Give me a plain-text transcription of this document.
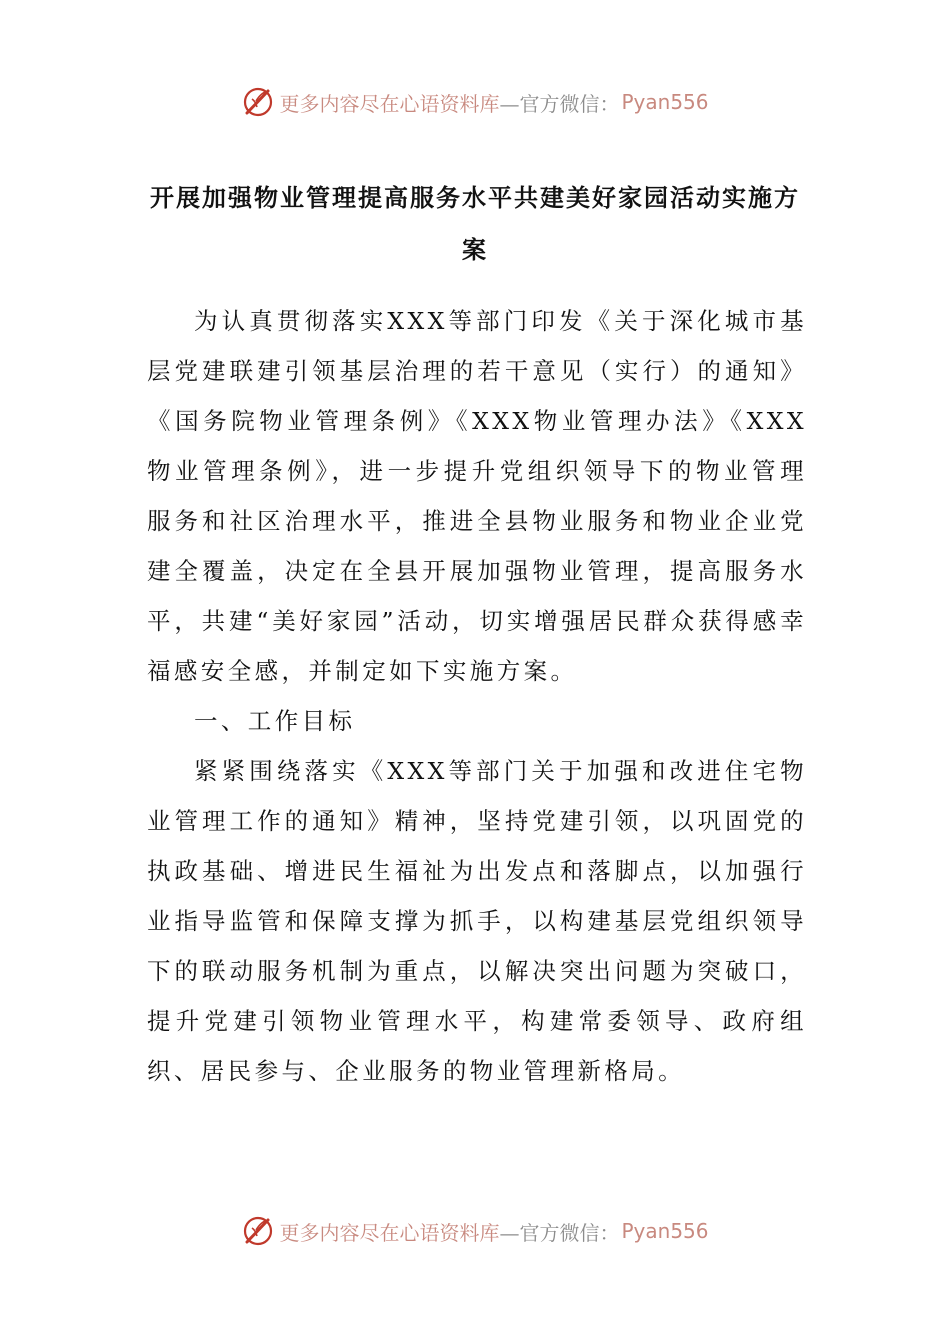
更多内容尽在心语资料库 —官方微信： Pyan556
开展加强物业管理提高服务水平共建美好家园活动实施方案

为认真贯彻落实XXX等部门印发《关于深化城市基层党建联建引领基层治理的若干意见（实行）的通知》《国务院物业管理条例》《XXX物业管理办法》《XXX物业管理条例》，进一步提升党组织领导下的物业管理服务和社区治理水平，推进全县物业服务和物业企业党建全覆盖，决定在全县开展加强物业管理，提高服务水平，共建“美好家园”活动，切实增强居民群众获得感幸福感安全感，并制定如下实施方案。

一、工作目标

紧紧围绕落实《XXX等部门关于加强和改进住宅物业管理工作的通知》精神，坚持党建引领，以巩固党的执政基础、增进民生福祉为出发点和落脚点，以加强行业指导监管和保障支撑为抓手，以构建基层党组织领导下的联动服务机制为重点，以解决突出问题为突破口，提升党建引领物业管理水平，构建常委领导、政府组织、居民参与、企业服务的物业管理新格局。

更多内容尽在心语资料库 —官方微信： Pyan556
